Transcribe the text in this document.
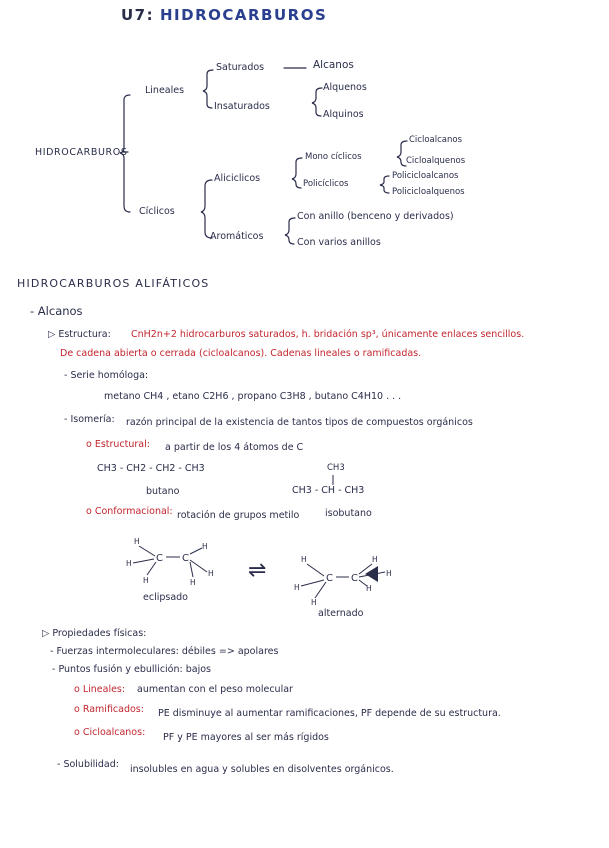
U7: HIDROCARBUROS
HIDROCARBUROS
Lineales
Saturados	Alcanos
Insaturados
Alquenos
Alquinos
Cíclicos
Aliciclicos
Mono cíclicos
Cicloalcanos
Cicloalquenos
Policíclicos
Policicloalcanos
Policicloalquenos
Aromáticos
Con anillo (benceno y derivados)
Con varios anillos
HIDROCARBUROS ALIFÁTICOS
- Alcanos
▷ Estructura: CnH2n+2 hidrocarburos saturados, h. bridación sp³, únicamente enlaces sencillos.
De cadena abierta o cerrada (cicloalcanos). Cadenas lineales o ramificadas.
- Serie homóloga:
metano CH4 , etano C2H6 , propano C3H8 , butano C4H10 . . .
- Isomería: razón principal de la existencia de tantos tipos de compuestos orgánicos
o Estructural: a partir de los 4 átomos de C
CH3 - CH2 - CH2 - CH3
butano
CH3
CH3 - CH - CH3
isobutano
o Conformacional: rotación de grupos metilo
H
H
H
C C
H
H
H
H
H
H
C C
H
H
H
⇌
eclipsado
alternado
▷ Propiedades físicas:
- Fuerzas intermoleculares: débiles => apolares
- Puntos fusión y ebullición: bajos
o Lineales: aumentan con el peso molecular
o Ramificados: PE disminuye al aumentar ramificaciones, PF depende de su estructura.
o Cicloalcanos: PF y PE mayores al ser más rígidos
- Solubilidad: insolubles en agua y solubles en disolventes orgánicos.
